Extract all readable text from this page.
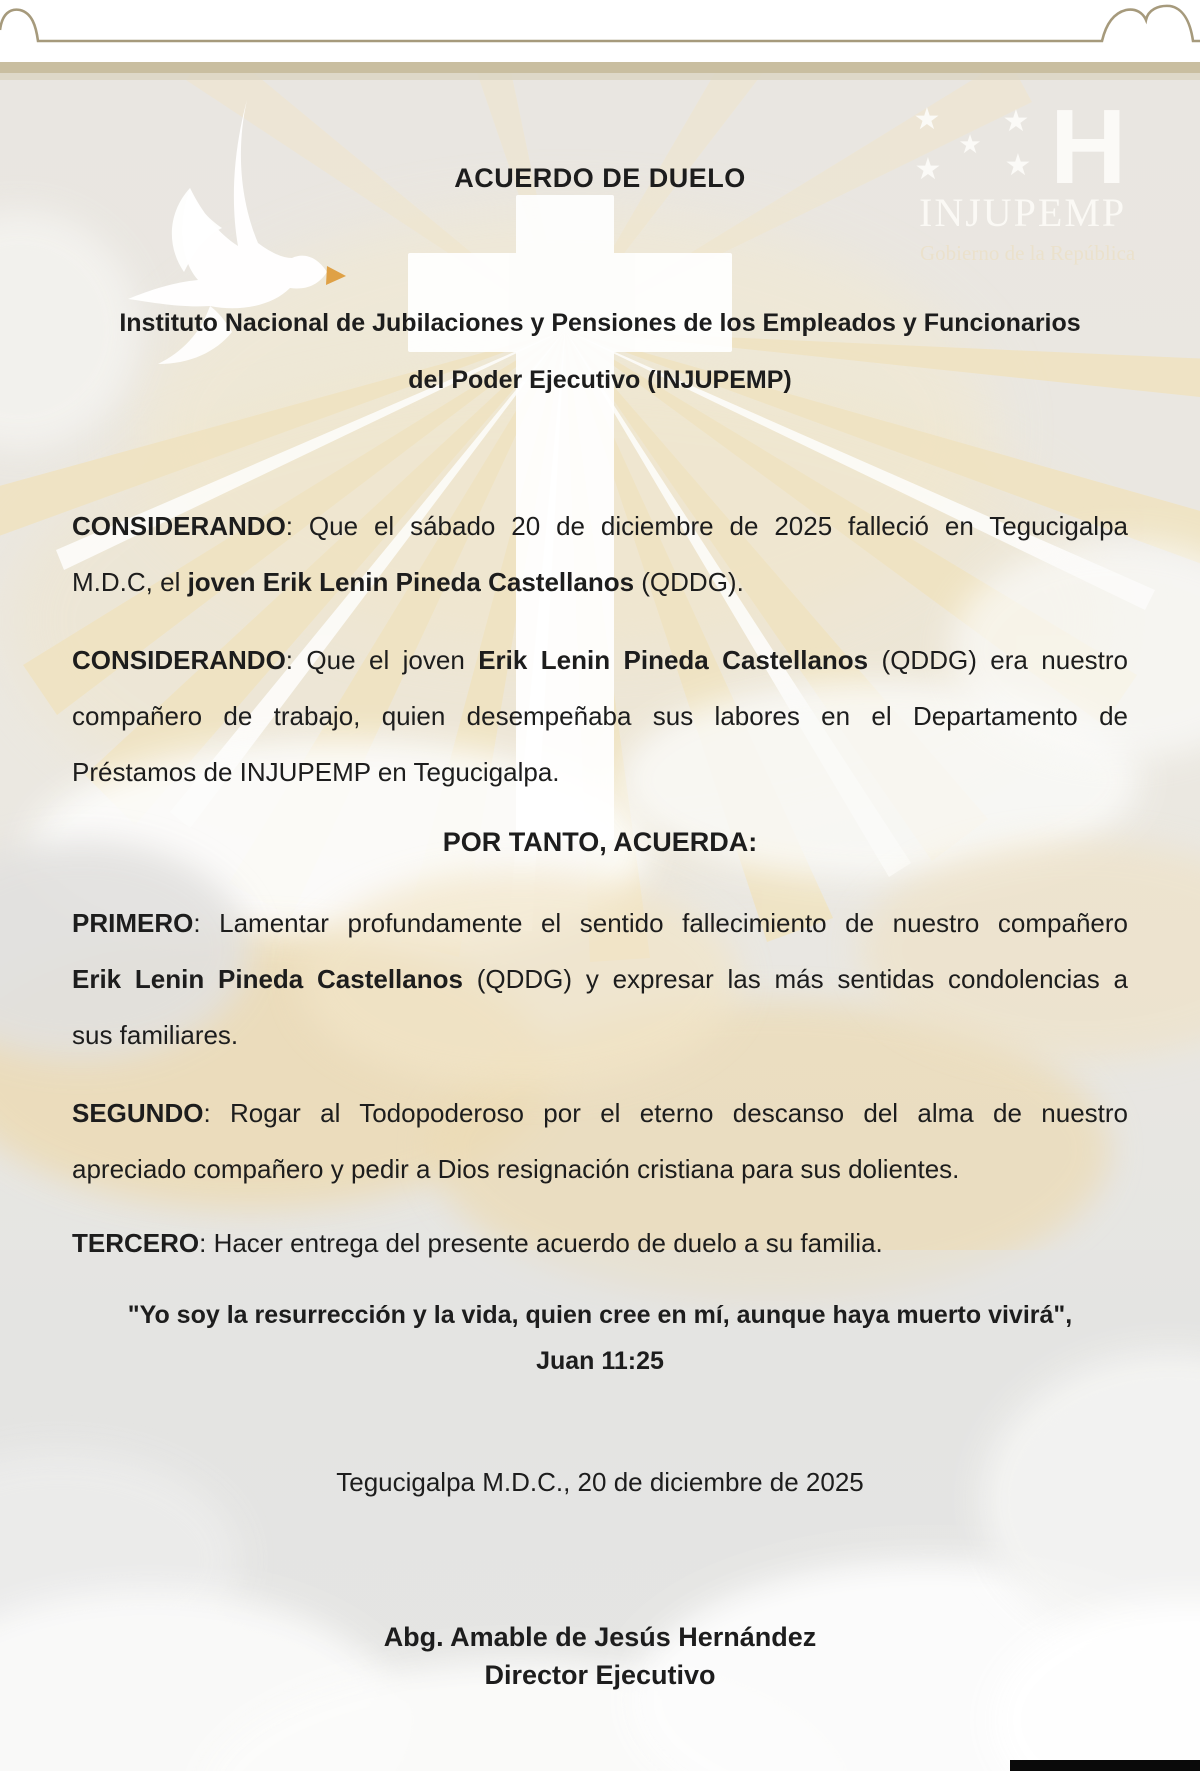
★ ★
★
★ ★ H
INJUPEMP
Gobierno de la República
ACUERDO DE DUELO
Instituto Nacional de Jubilaciones y Pensiones de los Empleados y Funcionarios
del Poder Ejecutivo (INJUPEMP)
CONSIDERANDO: Que el sábado 20 de diciembre de 2025 falleció en Tegucigalpa
M.D.C, el joven Erik Lenin Pineda Castellanos (QDDG).
CONSIDERANDO: Que el joven Erik Lenin Pineda Castellanos (QDDG) era nuestro
compañero de trabajo, quien desempeñaba sus labores en el Departamento de
Préstamos de INJUPEMP en Tegucigalpa.
POR TANTO, ACUERDA:
PRIMERO: Lamentar profundamente el sentido fallecimiento de nuestro compañero
Erik Lenin Pineda Castellanos (QDDG) y expresar las más sentidas condolencias a
sus familiares.
SEGUNDO: Rogar al Todopoderoso por el eterno descanso del alma de nuestro
apreciado compañero y pedir a Dios resignación cristiana para sus dolientes.
TERCERO: Hacer entrega del presente acuerdo de duelo a su familia.
"Yo soy la resurrección y la vida, quien cree en mí, aunque haya muerto vivirá",
Juan 11:25
Tegucigalpa M.D.C., 20 de diciembre de 2025
Abg. Amable de Jesús Hernández
Director Ejecutivo
